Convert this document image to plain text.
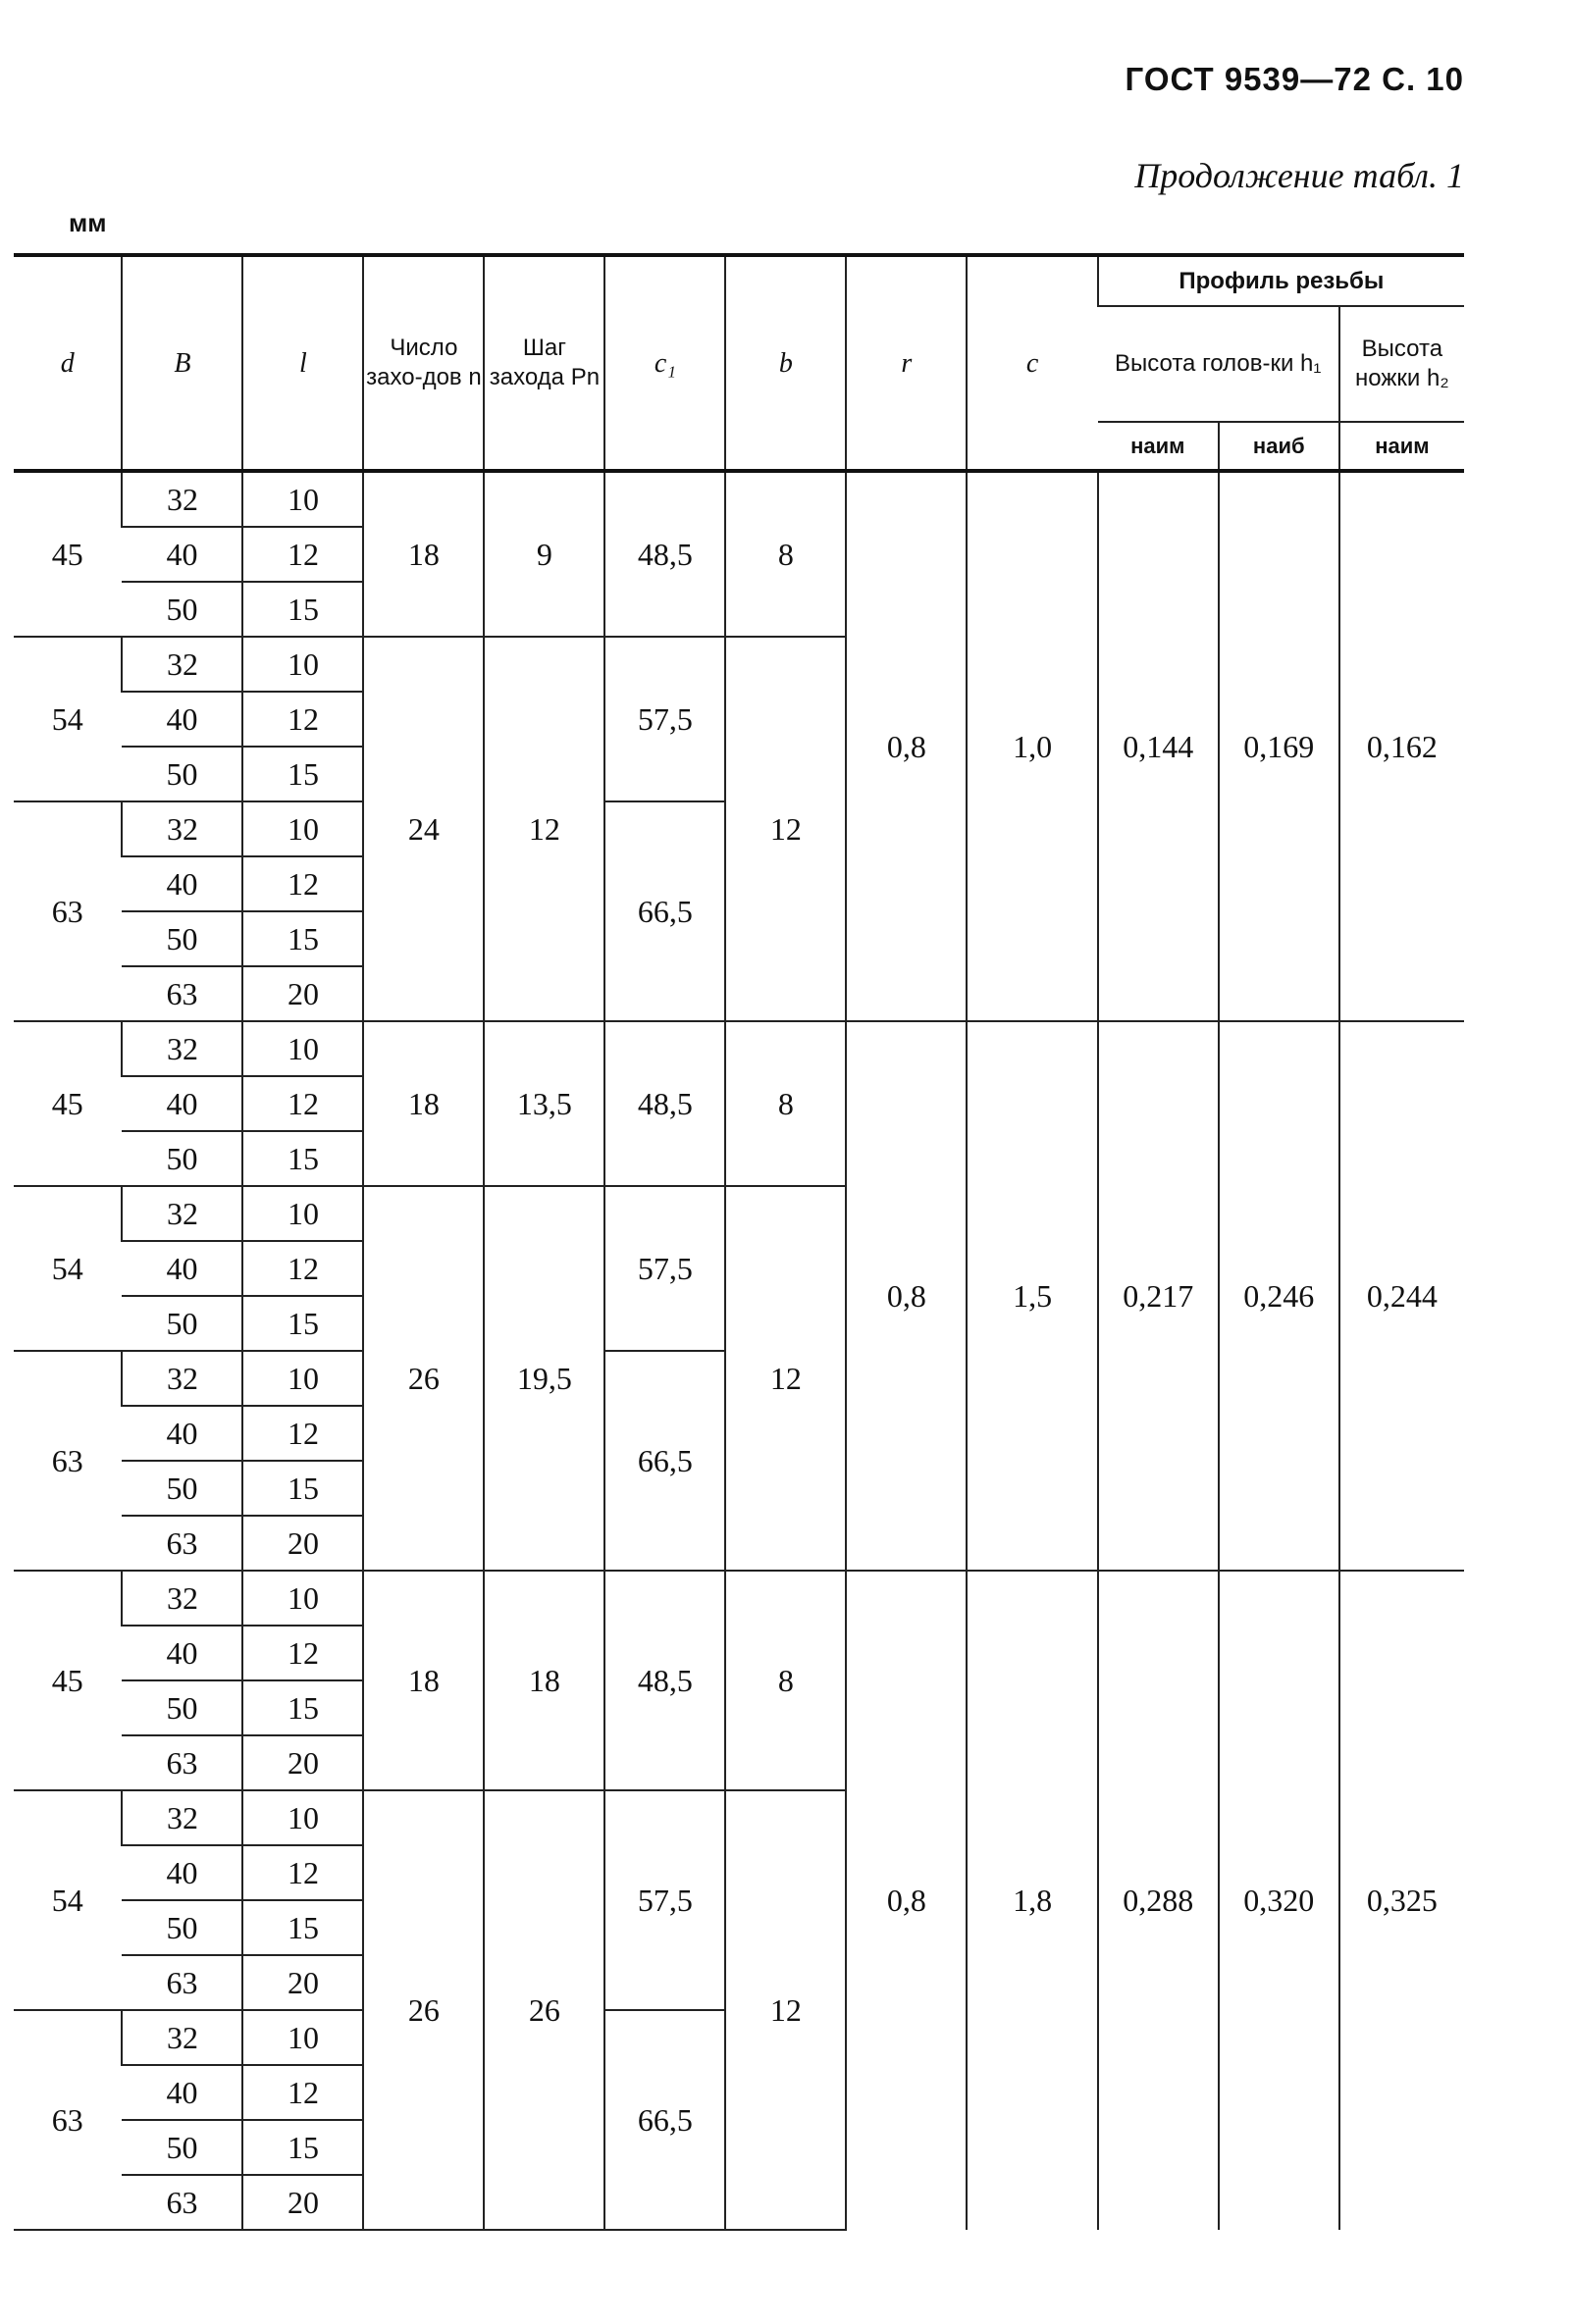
ГОСТ 9539—72 С. 10
Продолжение табл. 1
мм
d	B	l	Число захо-дов n	Шаг захода Pn	c₁	b	r	c	Профиль резьбы		
									Высота голов-ки h₁		Высота ножки h₂
									наим	наиб	наим
45	32	10	18	9	48,5	8	0,8	1,0	0,144	0,169	0,162
	40	12									
	50	15									
54	32	10	24	12	57,5	12					
	40	12									
	50	15									
63	32	10			66,5						
	40	12									
	50	15									
	63	20									
45	32	10	18	13,5	48,5	8	0,8	1,5	0,217	0,246	0,244
	40	12									
	50	15									
54	32	10	26	19,5	57,5	12					
	40	12									
	50	15									
63	32	10			66,5						
	40	12									
	50	15									
	63	20									
45	32	10	18	18	48,5	8	0,8	1,8	0,288	0,320	0,325
	40	12									
	50	15									
	63	20									
54	32	10	26	26	57,5	12					
	40	12									
	50	15									
	63	20									
63	32	10			66,5						
	40	12									
	50	15									
	63	20									
